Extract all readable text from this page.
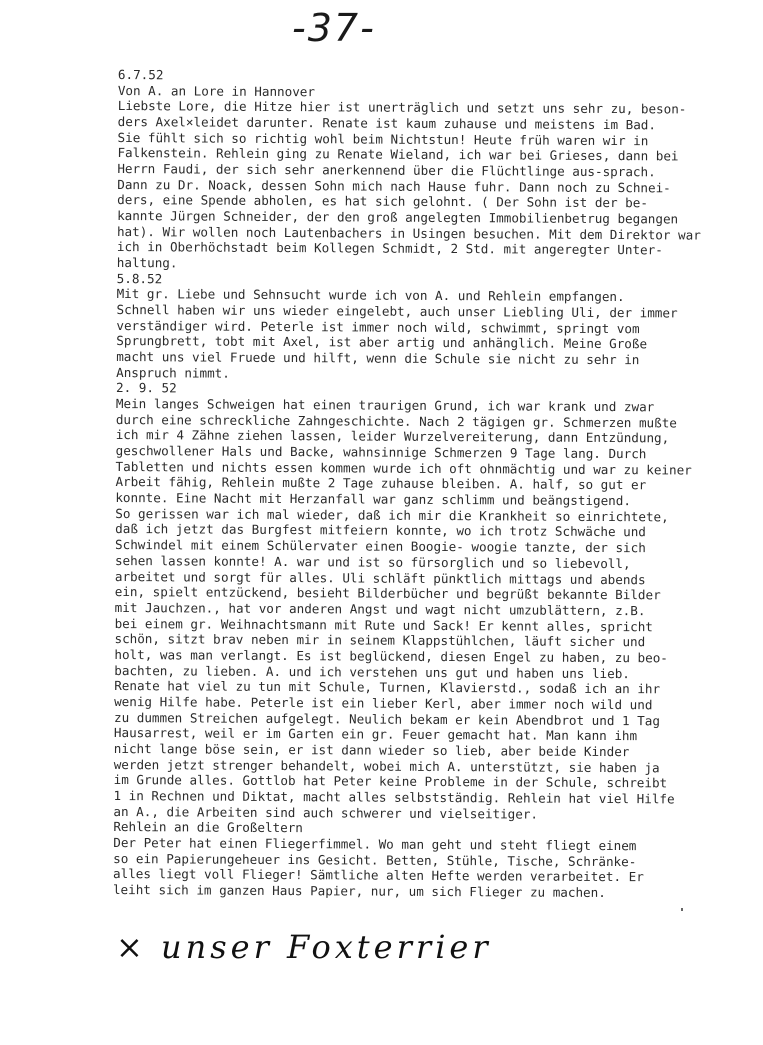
-37-
6.7.52
Von A. an Lore in Hannover
Liebste Lore, die Hitze hier ist unerträglich und setzt uns sehr zu, beson-
ders Axel×leidet darunter. Renate ist kaum zuhause und meistens im Bad.
Sie fühlt sich so richtig wohl beim Nichtstun! Heute früh waren wir in
Falkenstein. Rehlein ging zu Renate Wieland, ich war bei Grieses, dann bei
Herrn Faudi, der sich sehr anerkennend über die Flüchtlinge aus-sprach.
Dann zu Dr. Noack, dessen Sohn mich nach Hause fuhr. Dann noch zu Schnei-
ders, eine Spende abholen, es hat sich gelohnt. ( Der Sohn ist der be-
kannte Jürgen Schneider, der den groß angelegten Immobilienbetrug begangen
hat). Wir wollen noch Lautenbachers in Usingen besuchen. Mit dem Direktor war
ich in Oberhöchstadt beim Kollegen Schmidt, 2 Std. mit angeregter Unter-
haltung.
5.8.52
Mit gr. Liebe und Sehnsucht wurde ich von A. und Rehlein empfangen.
Schnell haben wir uns wieder eingelebt, auch unser Liebling Uli, der immer
verständiger wird. Peterle ist immer noch wild, schwimmt, springt vom
Sprungbrett, tobt mit Axel, ist aber artig und anhänglich. Meine Große
macht uns viel Fruede und hilft, wenn die Schule sie nicht zu sehr in
Anspruch nimmt.
2. 9. 52
Mein langes Schweigen hat einen traurigen Grund, ich war krank und zwar
durch eine schreckliche Zahngeschichte. Nach 2 tägigen gr. Schmerzen mußte
ich mir 4 Zähne ziehen lassen, leider Wurzelvereiterung, dann Entzündung,
geschwollener Hals und Backe, wahnsinnige Schmerzen 9 Tage lang. Durch
Tabletten und nichts essen kommen wurde ich oft ohnmächtig und war zu keiner
Arbeit fähig, Rehlein mußte 2 Tage zuhause bleiben. A. half, so gut er
konnte. Eine Nacht mit Herzanfall war ganz schlimm und beängstigend.
So gerissen war ich mal wieder, daß ich mir die Krankheit so einrichtete,
daß ich jetzt das Burgfest mitfeiern konnte, wo ich trotz Schwäche und
Schwindel mit einem Schülervater einen Boogie- woogie tanzte, der sich
sehen lassen konnte! A. war und ist so fürsorglich und so liebevoll,
arbeitet und sorgt für alles. Uli schläft pünktlich mittags und abends
ein, spielt entzückend, besieht Bilderbücher und begrüßt bekannte Bilder
mit Jauchzen., hat vor anderen Angst und wagt nicht umzublättern, z.B.
bei einem gr. Weihnachtsmann mit Rute und Sack! Er kennt alles, spricht
schön, sitzt brav neben mir in seinem Klappstühlchen, läuft sicher und
holt, was man verlangt. Es ist beglückend, diesen Engel zu haben, zu beo-
bachten, zu lieben. A. und ich verstehen uns gut und haben uns lieb.
Renate hat viel zu tun mit Schule, Turnen, Klavierstd., sodaß ich an ihr
wenig Hilfe habe. Peterle ist ein lieber Kerl, aber immer noch wild und
zu dummen Streichen aufgelegt. Neulich bekam er kein Abendbrot und 1 Tag
Hausarrest, weil er im Garten ein gr. Feuer gemacht hat. Man kann ihm
nicht lange böse sein, er ist dann wieder so lieb, aber beide Kinder
werden jetzt strenger behandelt, wobei mich A. unterstützt, sie haben ja
im Grunde alles. Gottlob hat Peter keine Probleme in der Schule, schreibt
1 in Rechnen und Diktat, macht alles selbstständig. Rehlein hat viel Hilfe
an A., die Arbeiten sind auch schwerer und vielseitiger.
Rehlein an die Großeltern
Der Peter hat einen Fliegerfimmel. Wo man geht und steht fliegt einem
so ein Papierungeheuer ins Gesicht. Betten, Stühle, Tische, Schränke-
alles liegt voll Flieger! Sämtliche alten Hefte werden verarbeitet. Er
leiht sich im ganzen Haus Papier, nur, um sich Flieger zu machen.
× unser Foxterrier
